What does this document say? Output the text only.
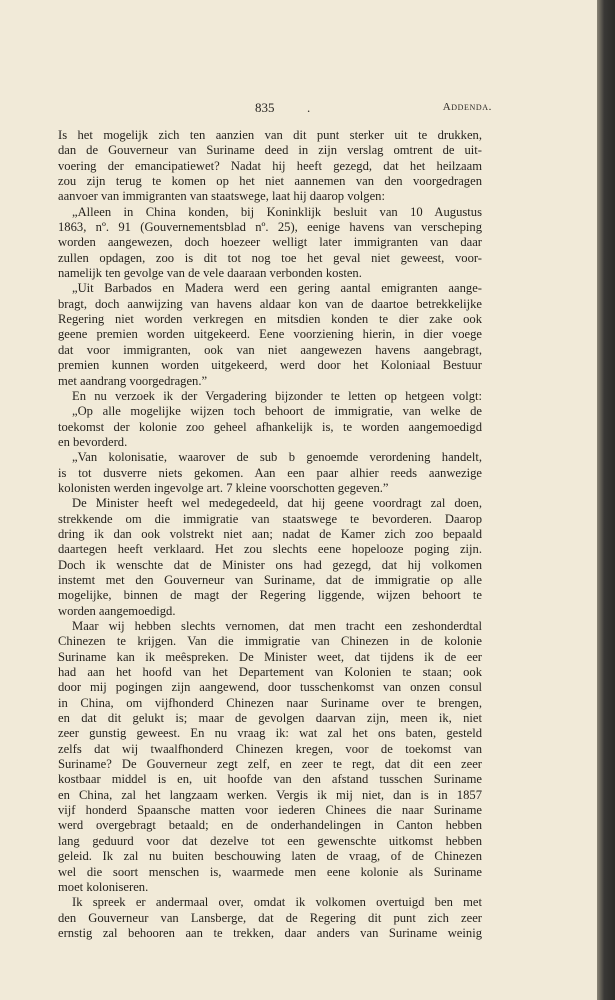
835	.	Addenda.
Is het mogelijk zich ten aanzien van dit punt sterker uit te drukken,
dan de Gouverneur van Suriname deed in zijn verslag omtrent de uit-
voering der emancipatiewet? Nadat hij heeft gezegd, dat het heilzaam
zou zijn terug te komen op het niet aannemen van den voorgedragen
aanvoer van immigranten van staatswege, laat hij daarop volgen:
„Alleen in China konden, bij Koninklijk besluit van 10 Augustus
1863, nº. 91 (Gouvernementsblad nº. 25), eenige havens van verscheping
worden aangewezen, doch hoezeer welligt later immigranten van daar
zullen opdagen, zoo is dit tot nog toe het geval niet geweest, voor-
namelijk ten gevolge van de vele daaraan verbonden kosten.
„Uit Barbados en Madera werd een gering aantal emigranten aange-
bragt, doch aanwijzing van havens aldaar kon van de daartoe betrekkelijke
Regering niet worden verkregen en mitsdien konden te dier zake ook
geene premien worden uitgekeerd. Eene voorziening hierin, in dier voege
dat voor immigranten, ook van niet aangewezen havens aangebragt,
premien kunnen worden uitgekeerd, werd door het Koloniaal Bestuur
met aandrang voorgedragen.”
En nu verzoek ik der Vergadering bijzonder te letten op hetgeen volgt:
„Op alle mogelijke wijzen toch behoort de immigratie, van welke de
toekomst der kolonie zoo geheel afhankelijk is, te worden aangemoedigd
en bevorderd.
„Van kolonisatie, waarover de sub b genoemde verordening handelt,
is tot dusverre niets gekomen. Aan een paar alhier reeds aanwezige
kolonisten werden ingevolge art. 7 kleine voorschotten gegeven.”
De Minister heeft wel medegedeeld, dat hij geene voordragt zal doen,
strekkende om die immigratie van staatswege te bevorderen. Daarop
dring ik dan ook volstrekt niet aan; nadat de Kamer zich zoo bepaald
daartegen heeft verklaard. Het zou slechts eene hopelooze poging zijn.
Doch ik wenschte dat de Minister ons had gezegd, dat hij volkomen
instemt met den Gouverneur van Suriname, dat de immigratie op alle
mogelijke, binnen de magt der Regering liggende, wijzen behoort te
worden aangemoedigd.
Maar wij hebben slechts vernomen, dat men tracht een zeshonderdtal
Chinezen te krijgen. Van die immigratie van Chinezen in de kolonie
Suriname kan ik meêspreken. De Minister weet, dat tijdens ik de eer
had aan het hoofd van het Departement van Kolonien te staan; ook
door mij pogingen zijn aangewend, door tusschenkomst van onzen consul
in China, om vijfhonderd Chinezen naar Suriname over te brengen,
en dat dit gelukt is; maar de gevolgen daarvan zijn, meen ik, niet
zeer gunstig geweest. En nu vraag ik: wat zal het ons baten, gesteld
zelfs dat wij twaalfhonderd Chinezen kregen, voor de toekomst van
Suriname? De Gouverneur zegt zelf, en zeer te regt, dat dit een zeer
kostbaar middel is en, uit hoofde van den afstand tusschen Suriname
en China, zal het langzaam werken. Vergis ik mij niet, dan is in 1857
vijf honderd Spaansche matten voor iederen Chinees die naar Suriname
werd overgebragt betaald; en de onderhandelingen in Canton hebben
lang geduurd voor dat dezelve tot een gewenschte uitkomst hebben
geleid. Ik zal nu buiten beschouwing laten de vraag, of de Chinezen
wel die soort menschen is, waarmede men eene kolonie als Suriname
moet koloniseren.
Ik spreek er andermaal over, omdat ik volkomen overtuigd ben met
den Gouverneur van Lansberge, dat de Regering dit punt zich zeer
ernstig zal behooren aan te trekken, daar anders van Suriname weinig
